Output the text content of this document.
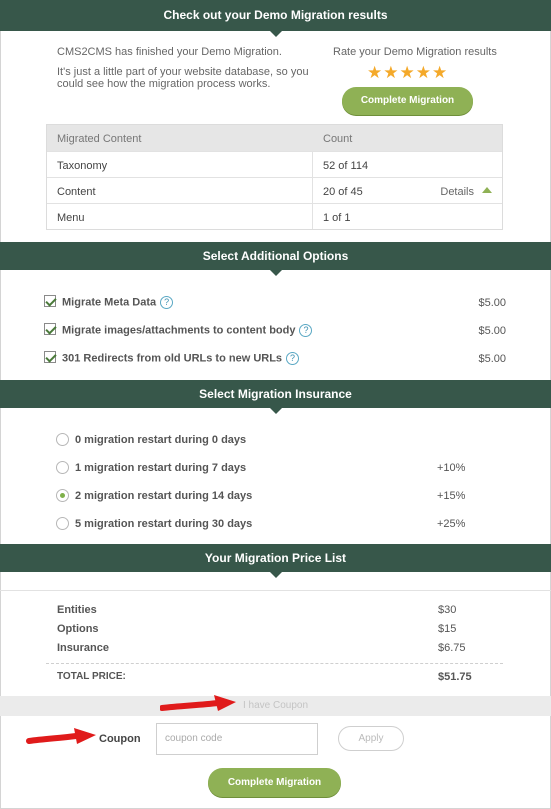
Check out your Demo Migration results
CMS2CMS has finished your Demo Migration.
It's just a little part of your website database, so you
could see how the migration process works.
Rate your Demo Migration results
★★★★★
Complete Migration
Migrated Content	Count
Taxonomy	52 of 114
Content	20 of 45	Details
Menu	1 of 1
Select Additional Options
Migrate Meta Data ?	$5.00
Migrate images/attachments to content body ?	$5.00
301 Redirects from old URLs to new URLs ?	$5.00
Select Migration Insurance
0 migration restart during 0 days
1 migration restart during 7 days	+10%
2 migration restart during 14 days	+15%
5 migration restart during 30 days	+25%
Your Migration Price List
Entities	$30
Options	$15
Insurance	$6.75
TOTAL PRICE:	$51.75
I have Coupon
Coupon	coupon code	Apply
Complete Migration
